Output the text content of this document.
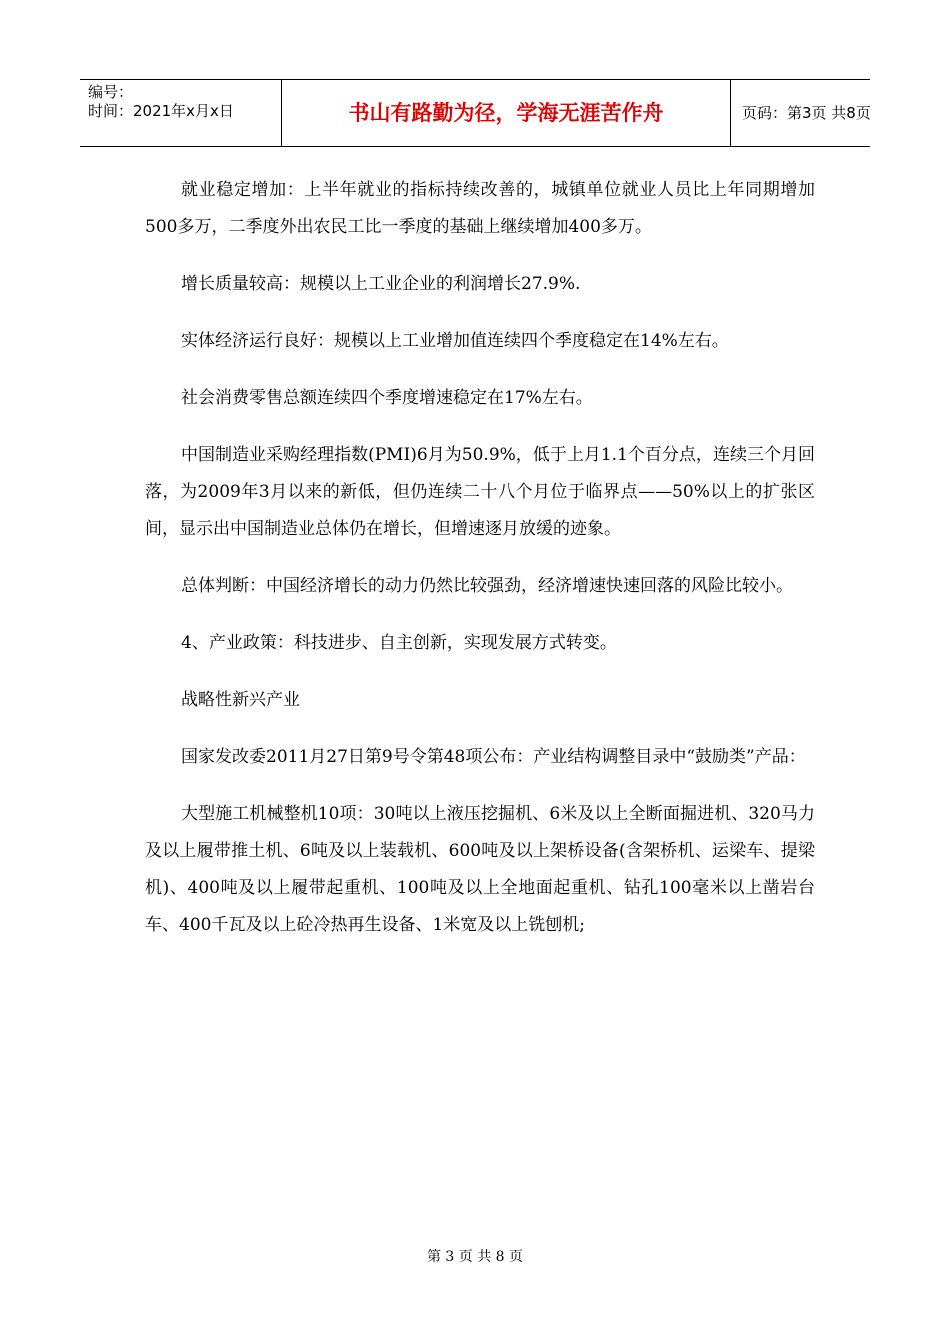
编号：
时间：2021年x月x日	书山有路勤为径，学海无涯苦作舟	页码：第3页 共8页

就业稳定增加：上半年就业的指标持续改善的，城镇单位就业人员比上年同期增加500多万，二季度外出农民工比一季度的基础上继续增加400多万。

增长质量较高：规模以上工业企业的利润增长27.9%.

实体经济运行良好：规模以上工业增加值连续四个季度稳定在14%左右。

社会消费零售总额连续四个季度增速稳定在17%左右。

中国制造业采购经理指数(PMI)6月为50.9%，低于上月1.1个百分点，连续三个月回落，为2009年3月以来的新低，但仍连续二十八个月位于临界点——50%以上的扩张区间，显示出中国制造业总体仍在增长，但增速逐月放缓的迹象。

总体判断：中国经济增长的动力仍然比较强劲，经济增速快速回落的风险比较小。

4、产业政策：科技进步、自主创新，实现发展方式转变。

战略性新兴产业

国家发改委2011月27日第9号令第48项公布：产业结构调整目录中“鼓励类”产品：

大型施工机械整机10项：30吨以上液压挖掘机、6米及以上全断面掘进机、320马力及以上履带推土机、6吨及以上装载机、600吨及以上架桥设备(含架桥机、运梁车、提梁机)、400吨及以上履带起重机、100吨及以上全地面起重机、钻孔100毫米以上凿岩台车、400千瓦及以上砼冷热再生设备、1米宽及以上铣刨机;

第 3 页 共 8 页
